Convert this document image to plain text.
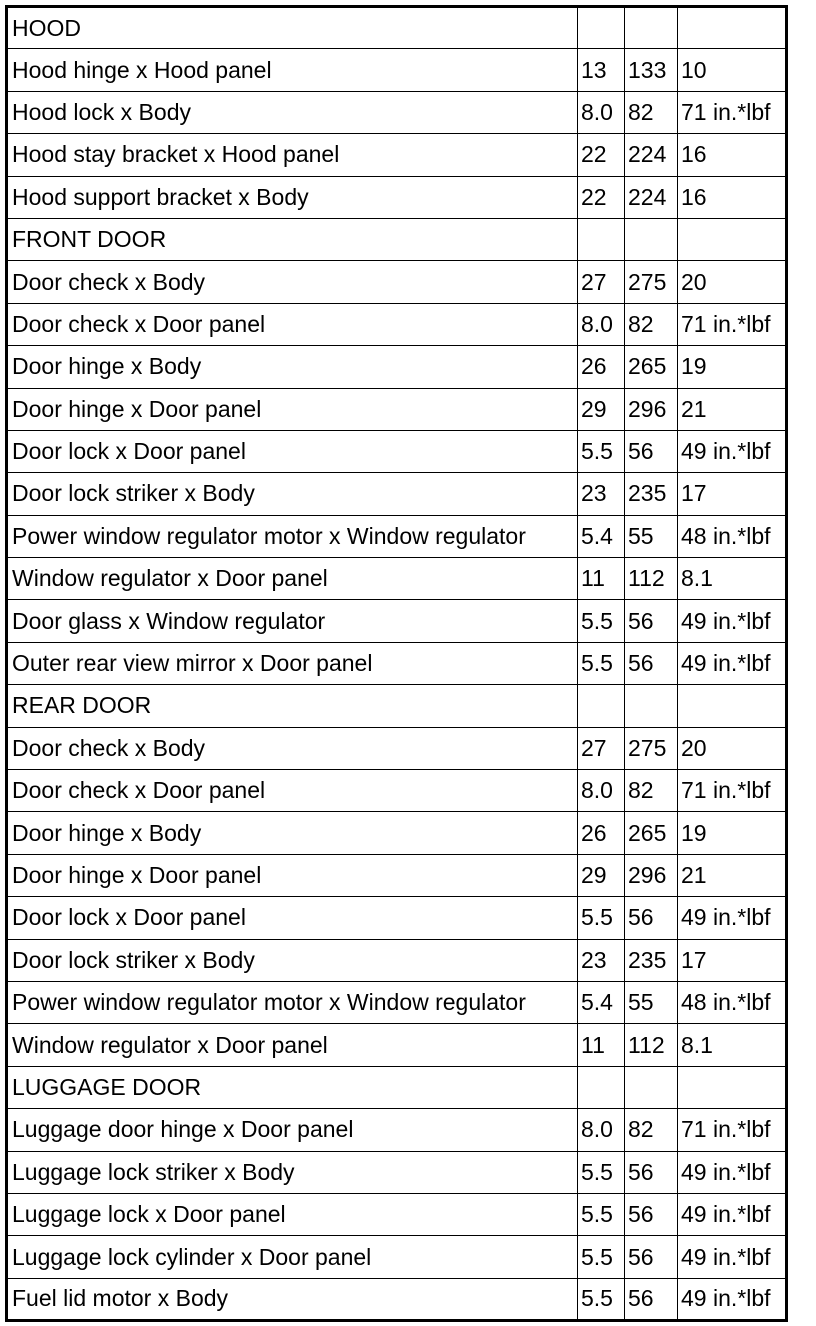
HOOD			
Hood hinge x Hood panel	13	133	10
Hood lock x Body	8.0	82	71 in.*lbf
Hood stay bracket x Hood panel	22	224	16
Hood support bracket x Body	22	224	16
FRONT DOOR			
Door check x Body	27	275	20
Door check x Door panel	8.0	82	71 in.*lbf
Door hinge x Body	26	265	19
Door hinge x Door panel	29	296	21
Door lock x Door panel	5.5	56	49 in.*lbf
Door lock striker x Body	23	235	17
Power window regulator motor x Window regulator	5.4	55	48 in.*lbf
Window regulator x Door panel	11	112	8.1
Door glass x Window regulator	5.5	56	49 in.*lbf
Outer rear view mirror x Door panel	5.5	56	49 in.*lbf
REAR DOOR			
Door check x Body	27	275	20
Door check x Door panel	8.0	82	71 in.*lbf
Door hinge x Body	26	265	19
Door hinge x Door panel	29	296	21
Door lock x Door panel	5.5	56	49 in.*lbf
Door lock striker x Body	23	235	17
Power window regulator motor x Window regulator	5.4	55	48 in.*lbf
Window regulator x Door panel	11	112	8.1
LUGGAGE DOOR			
Luggage door hinge x Door panel	8.0	82	71 in.*lbf
Luggage lock striker x Body	5.5	56	49 in.*lbf
Luggage lock x Door panel	5.5	56	49 in.*lbf
Luggage lock cylinder x Door panel	5.5	56	49 in.*lbf
Fuel lid motor x Body	5.5	56	49 in.*lbf
